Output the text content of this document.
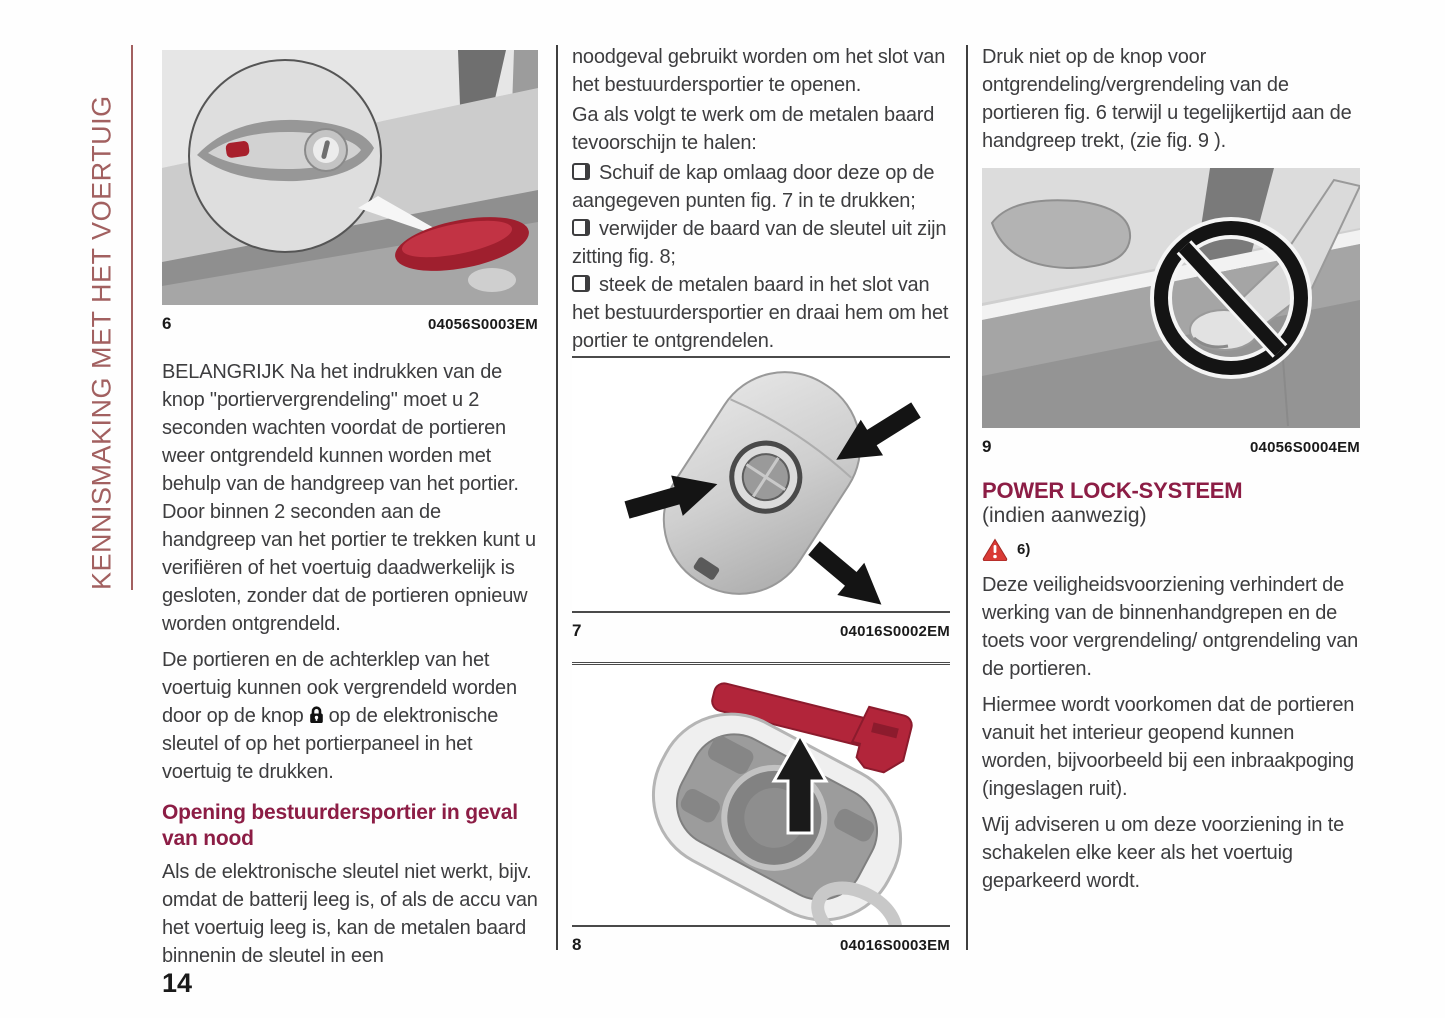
KENNISMAKING MET HET VOERTUIG	6	04056S0003EM

BELANGRIJK Na het indrukken van de knop "portiervergrendeling" moet u 2 seconden wachten voordat de portieren weer ontgrendeld kunnen worden met behulp van de handgreep van het portier. Door binnen 2 seconden aan de handgreep van het portier te trekken kunt u verifiëren of het voertuig daadwerkelijk is gesloten, zonder dat de portieren opnieuw worden ontgrendeld.

De portieren en de achterklep van het voertuig kunnen ook vergrendeld worden door op de knop op de elektronische sleutel of op het portierpaneel in het voertuig te drukken.

Opening bestuurdersportier in geval van nood

Als de elektronische sleutel niet werkt, bijv. omdat de batterij leeg is, of als de accu van het voertuig leeg is, kan de metalen baard binnenin de sleutel in een

noodgeval gebruikt worden om het slot van het bestuurdersportier te openen.

Ga als volgt te werk om de metalen baard tevoorschijn te halen:

Schuif de kap omlaag door deze op de aangegeven punten fig. 7 in te drukken;
verwijder de baard van de sleutel uit zijn zitting fig. 8;
steek de metalen baard in het slot van het bestuurdersportier en draai hem om het portier te ontgrendelen.
7	04016S0002EM
8	04016S0003EM

Druk niet op de knop voor ontgrendeling/vergrendeling van de portieren fig. 6 terwijl u tegelijkertijd aan de handgreep trekt, (zie fig. 9 ).

9	04056S0004EM
POWER LOCK-SYSTEEM
(indien aanwezig)
6)

Deze veiligheidsvoorziening verhindert de werking van de binnenhandgrepen en de toets voor vergrendeling/ ontgrendeling van de portieren.

Hiermee wordt voorkomen dat de portieren vanuit het interieur geopend kunnen worden, bijvoorbeeld bij een inbraakpoging (ingeslagen ruit).

Wij adviseren u om deze voorziening in te schakelen elke keer als het voertuig geparkeerd wordt.

14
